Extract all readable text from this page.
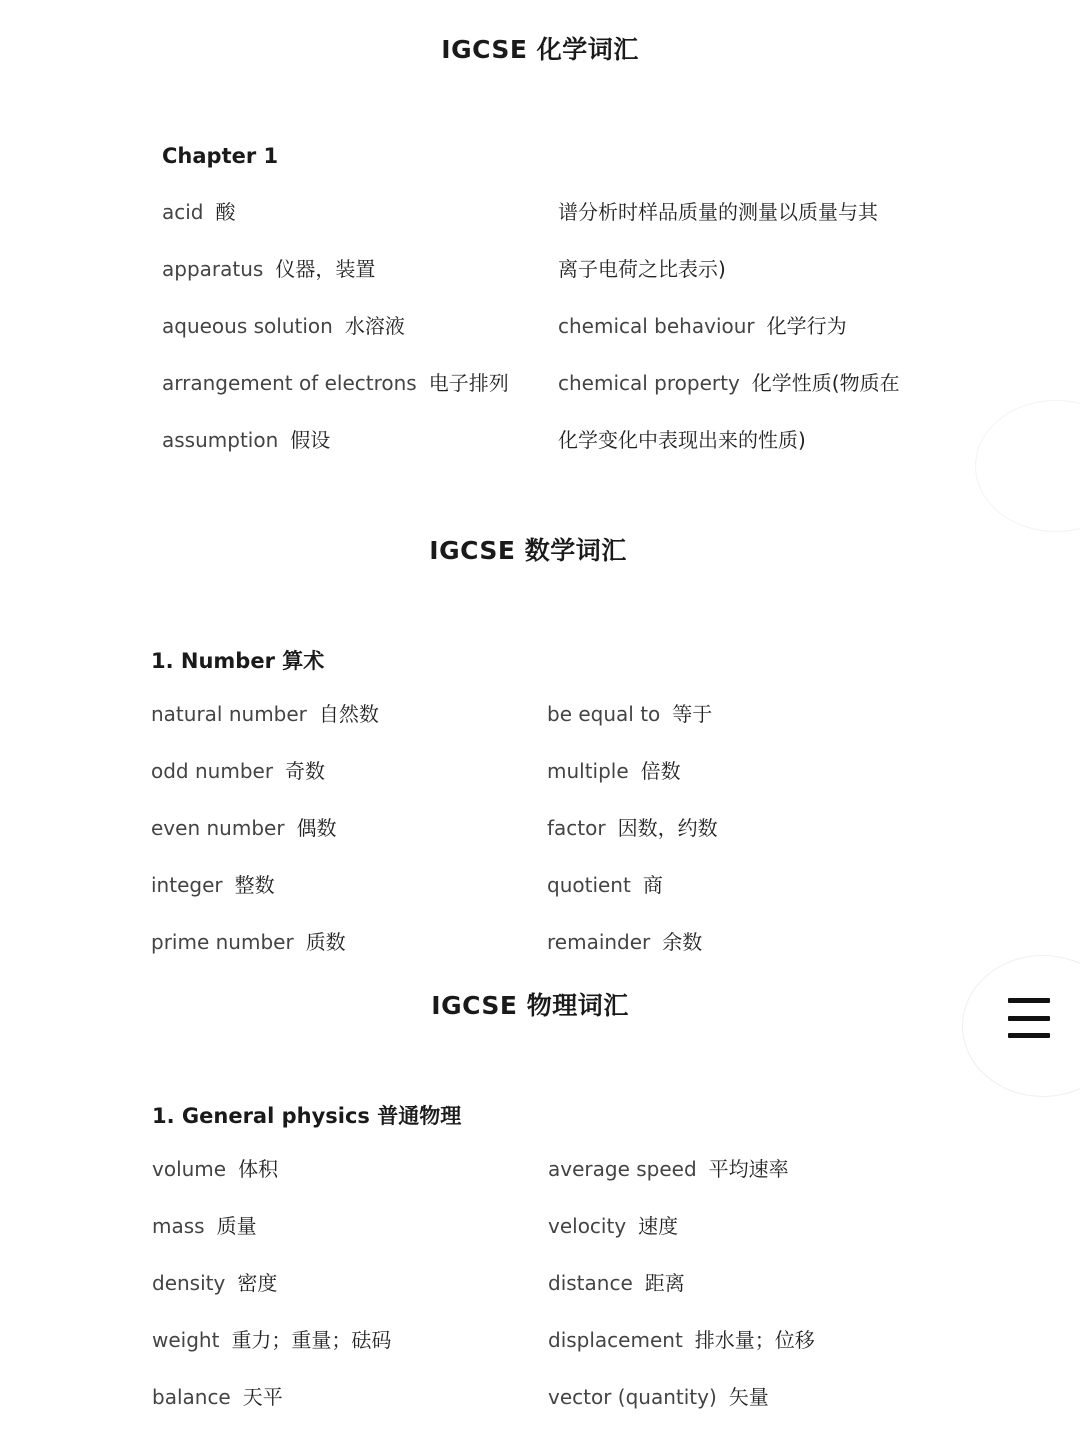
IGCSE 化学词汇
Chapter 1
IGCSE 数学词汇
1. Number 算术
IGCSE 物理词汇
1. General physics 普通物理
acid 酸
apparatus 仪器，装置
aqueous solution 水溶液
arrangement of electrons 电子排列
assumption 假设
谱分析时样品质量的测量以质量与其
离子电荷之比表示)
chemical behaviour 化学行为
chemical property 化学性质(物质在
化学变化中表现出来的性质)
natural number 自然数
odd number 奇数
even number 偶数
integer 整数
prime number 质数
be equal to 等于
multiple 倍数
factor 因数，约数
quotient 商
remainder 余数
volume 体积
mass 质量
density 密度
weight 重力；重量；砝码
balance 天平
average speed 平均速率
velocity 速度
distance 距离
displacement 排水量；位移
vector (quantity) 矢量
